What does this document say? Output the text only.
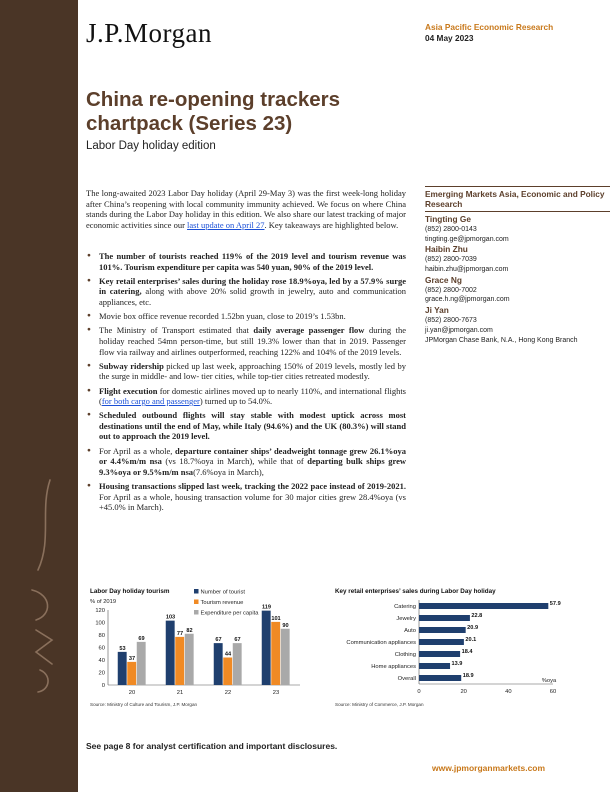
J.P.Morgan	Asia Pacific Economic Research
04 May 2023
China re-opening trackers chartpack (Series 23)
Labor Day holiday edition

The long-awaited 2023 Labor Day holiday (April 29-May 3) was the first week-long holiday after China’s reopening with local community immunity achieved. We focus on where China stands during the Labor Day holiday in this edition. We also share our latest tracking of major economic activities since our last update on April 27. Key takeaways are highlighted below.

● The number of tourists reached 119% of the 2019 level and tourism revenue was 101%. Tourism expenditure per capita was 540 yuan, 90% of the 2019 level.
● Key retail enterprises’ sales during the holiday rose 18.9%oya, led by a 57.9% surge in catering, along with above 20% solid growth in jewelry, auto and communication appliances, etc.
● Movie box office revenue recorded 1.52bn yuan, close to 2019’s 1.53bn.
● The Ministry of Transport estimated that daily average passenger flow during the holiday reached 54mn person-time, but still 19.3% lower than that in 2019. Passenger flow via railway and airlines outperformed, reaching 122% and 104% of the 2019 levels.
● Subway ridership picked up last week, approaching 150% of 2019 levels, mostly led by the surge in middle- and low- tier cities, while top-tier cities retreated modestly.
● Flight execution for domestic airlines moved up to nearly 110%, and international flights (for both cargo and passenger) turned up to 54.0%.
● Scheduled outbound flights will stay stable with modest uptick across most destinations until the end of May, while Italy (94.6%) and the UK (80.3%) will stand out to approach the 2019 level.
● For April as a whole, departure container ships’ deadweight tonnage grew 26.1%oya or 4.4%m/m nsa (vs 18.7%oya in March), while that of departing bulk ships grew 9.3%oya or 9.5%m/m nsa(7.6%oya in March),
● Housing transactions slipped last week, tracking the 2022 pace instead of 2019-2021. For April as a whole, housing transaction volume for 30 major cities grew 28.4%oya (vs +45.0% in March).
Emerging Markets Asia, Economic and Policy Research
Tingting Ge
(852) 2800-0143
tingting.ge@jpmorgan.com
Haibin Zhu
(852) 2800-7039
haibin.zhu@jpmorgan.com
Grace Ng
(852) 2800-7002
grace.h.ng@jpmorgan.com
Ji Yan
(852) 2800-7673
ji.yan@jpmorgan.com
JPMorgan Chase Bank, N.A., Hong Kong Branch
Labor Day holiday tourism
% of 2019
0
20
40
60
80
100
120
20	21	22	23
53
37
69
103
77
82
67
44
67
119
101
90
Number of tourist
Tourism revenue
Expenditure per capita
Source: Ministry of Culture and Tourism, J.P. Morgan
Key retail enterprises’ sales during Labor Day holiday
0	20	40	60
%oya
Catering
Jewelry
Auto
Communication appliances
Clothing
Home appliances
Overall
57.9
22.8
20.9
20.1
18.4
13.9
18.9
Source: Ministry of Commerce, J.P. Morgan
See page 8 for analyst certification and important disclosures.
www.jpmorganmarkets.com
